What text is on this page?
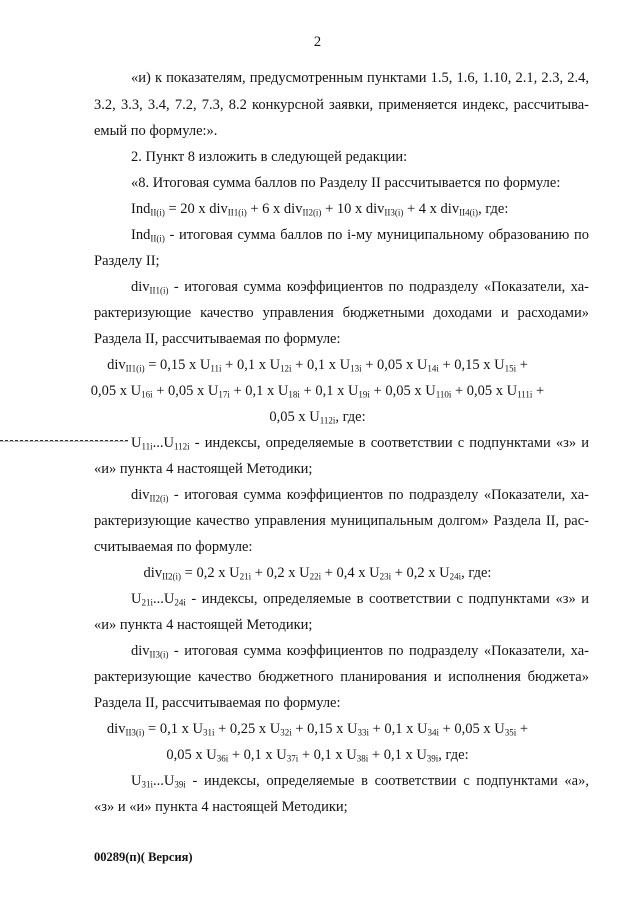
2
«и) к показателям, предусмотренным пунктами 1.5, 1.6, 1.10, 2.1, 2.3, 2.4,
3.2, 3.3, 3.4, 7.2, 7.3, 8.2 конкурсной заявки, применяется индекс, рассчитыва-
емый по формуле:».
2. Пункт 8 изложить в следующей редакции:
«8. Итоговая сумма баллов по Разделу II рассчитывается по формуле:
Ind$_{II(i)}$ = 20 x div$_{II1(i)}$ + 6 x div$_{II2(i)}$ + 10 x div$_{II3(i)}$ + 4 x div$_{II4(i)}$, где:
Ind$_{II(i)}$ - итоговая сумма баллов по i-му муниципальному образованию по
Разделу II;
div$_{II1(i)}$ - итоговая сумма коэффициентов по подразделу «Показатели, ха-
рактеризующие качество управления бюджетными доходами и расходами»
Раздела II, рассчитываемая по формуле:
div$_{II1(i)}$ = 0,15 x $U_{11i} + 0,1$ x $U_{12i} + 0,1$ x $U_{13i} + 0,05$ x $U_{14i} + 0,15$ x $U_{15i}$ +
0,05 x $U_{16i} + 0,05$ x $U_{17i} + 0,1$ x $U_{18i} + 0,1$ x $U_{19i} + 0,05$ x $U_{110i} + 0,05$ x $U_{111i}$ +
0,05 x $U_{112i}$, где:
$U_{11i}...U_{112i}$ - индексы, определяемые в соответствии с подпунктами «з» и
«и» пункта 4 настоящей Методики;
div$_{II2(i)}$ - итоговая сумма коэффициентов по подразделу «Показатели, ха-
рактеризующие качество управления муниципальным долгом» Раздела II, рас-
считываемая по формуле:
div$_{II2(i)}$ = 0,2 x $U_{21i} + 0,2$ x $U_{22i} + 0,4$ x $U_{23i} + 0,2$ x $U_{24i}$, где:
$U_{21i}...U_{24i}$ - индексы, определяемые в соответствии с подпунктами «з» и
«и» пункта 4 настоящей Методики;
div$_{II3(i)}$ - итоговая сумма коэффициентов по подразделу «Показатели, ха-
рактеризующие качество бюджетного планирования и исполнения бюджета»
Раздела II, рассчитываемая по формуле:
div$_{II3(i)}$ = 0,1 x $U_{31i} + 0,25$ x $U_{32i} + 0,15$ x $U_{33i} + 0,1$ x $U_{34i} + 0,05$ x $U_{35i}$ +
0,05 x $U_{36i} + 0,1$ x $U_{37i} + 0,1$ x $U_{38i} + 0,1$ x $U_{39i}$, где:
$U_{31i}...U_{39i}$ - индексы, определяемые в соответствии с подпунктами «а»,
«з» и «и» пункта 4 настоящей Методики;
00289(п)( Версия)
